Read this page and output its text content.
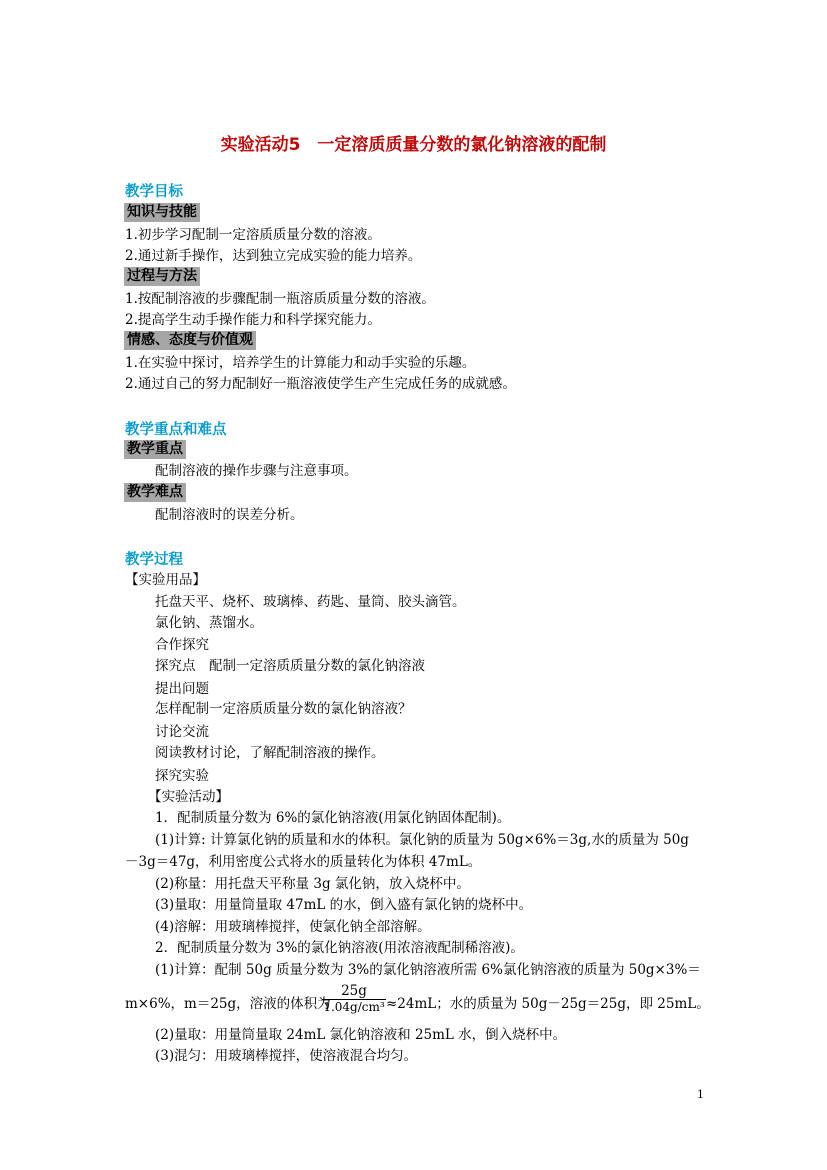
实验活动5　一定溶质质量分数的氯化钠溶液的配制
教学目标
知识与技能
1.初步学习配制一定溶质质量分数的溶液。
2.通过新手操作，达到独立完成实验的能力培养。
过程与方法
1.按配制溶液的步骤配制一瓶溶质质量分数的溶液。
2.提高学生动手操作能力和科学探究能力。
情感、态度与价值观
1.在实验中探讨，培养学生的计算能力和动手实验的乐趣。
2.通过自己的努力配制好一瓶溶液使学生产生完成任务的成就感。
教学重点和难点
教学重点
配制溶液的操作步骤与注意事项。
教学难点
配制溶液时的误差分析。
教学过程
【实验用品】
托盘天平、烧杯、玻璃棒、药匙、量筒、胶头滴管。
氯化钠、蒸馏水。
合作探究
探究点　配制一定溶质质量分数的氯化钠溶液
提出问题
怎样配制一定溶质质量分数的氯化钠溶液？
讨论交流
阅读教材讨论，了解配制溶液的操作。
探究实验
【实验活动】
1．配制质量分数为 6%的氯化钠溶液(用氯化钠固体配制)。
(1)计算: 计算氯化钠的质量和水的体积。氯化钠的质量为 50g×6%＝3g,水的质量为 50g
－3g＝47g，利用密度公式将水的质量转化为体积 47mL。
(2)称量：用托盘天平称量 3g 氯化钠，放入烧杯中。
(3)量取：用量筒量取 47mL 的水，倒入盛有氯化钠的烧杯中。
(4)溶解：用玻璃棒搅拌，使氯化钠全部溶解。
2．配制质量分数为 3%的氯化钠溶液(用浓溶液配制稀溶液)。
(1)计算：配制 50g 质量分数为 3%的氯化钠溶液所需 6%氯化钠溶液的质量为 50g×3%＝
m×6%，m＝25g，溶液的体积为
25g
1.04g/cm³ ≈24mL；水的质量为 50g－25g＝25g，即 25mL。
(2)量取：用量筒量取 24mL 氯化钠溶液和 25mL 水，倒入烧杯中。
(3)混匀：用玻璃棒搅拌，使溶液混合均匀。
1
